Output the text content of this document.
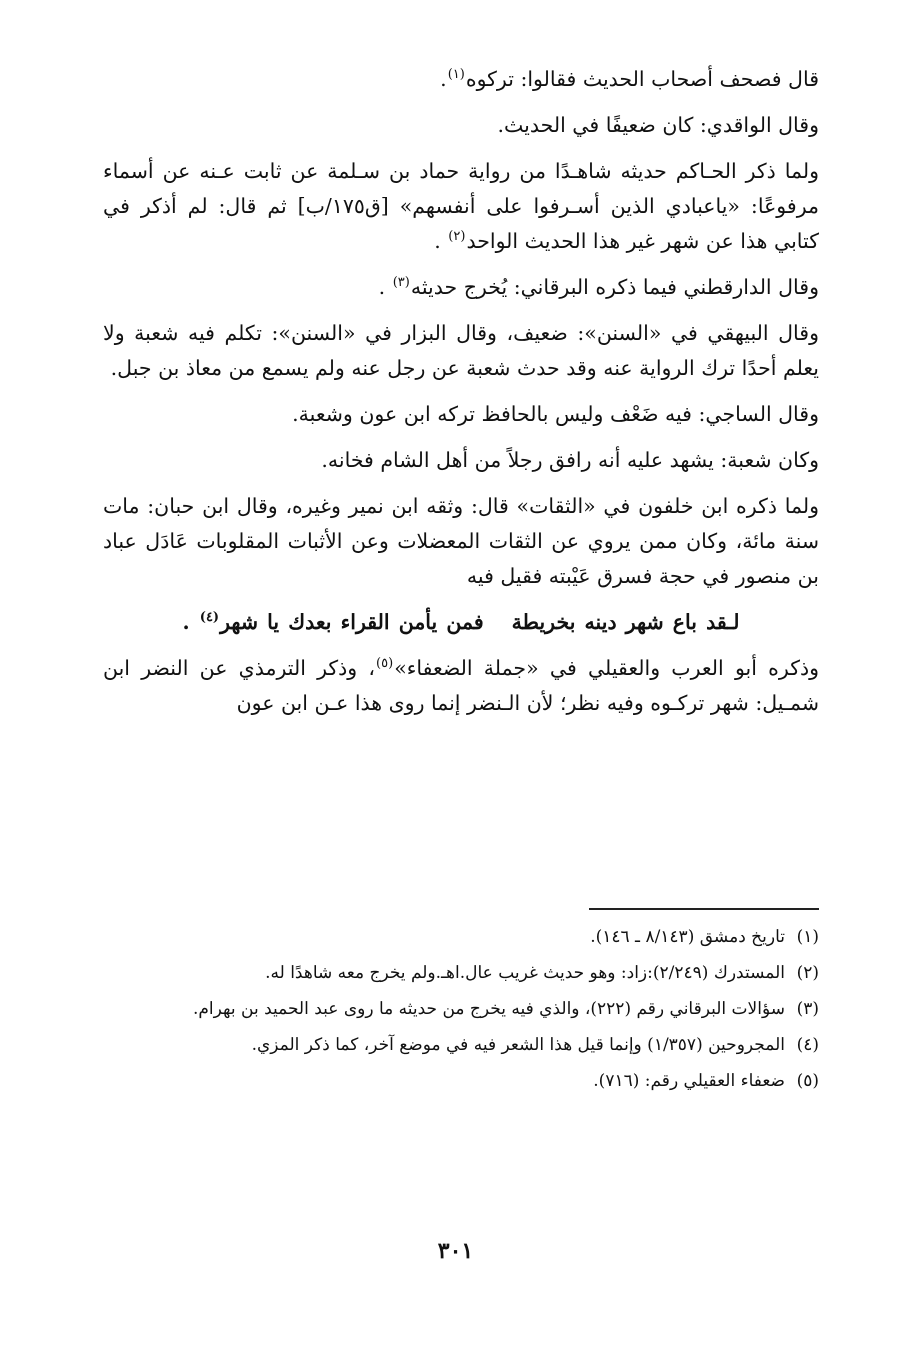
قال فصحف أصحاب الحديث فقالوا: تركوه$^{(١)}$.

وقال الواقدي: كان ضعيفًا في الحديث.

ولما ذكر الحـاكم حديثه شاهـدًا من رواية حماد بن سـلمة عن ثابت عـنه عن أسماء مرفوعًا: «ياعبادي الذين أسـرفوا على أنفسهم» [ق١٧٥/ب] ثم قال: لم أذكر في كتابي هذا عن شهر غير هذا الحديث الواحد$^{(٢)}$ .

وقال الدارقطني فيما ذكره البرقاني: يُخرج حديثه$^{(٣)}$ .

وقال البيهقي في «السنن»: ضعيف، وقال البزار في «السنن»: تكلم فيه شعبة ولا يعلم أحدًا ترك الرواية عنه وقد حدث شعبة عن رجل عنه ولم يسمع من معاذ بن جبل.

وقال الساجي: فيه ضَعْف وليس بالحافظ تركه ابن عون وشعبة.

وكان شعبة: يشهد عليه أنه رافق رجلاً من أهل الشام فخانه.

ولما ذكره ابن خلفون في «الثقات» قال: وثقه ابن نمير وغيره، وقال ابن حبان: مات سنة مائة، وكان ممن يروي عن الثقات المعضلات وعن الأثبات المقلوبات عَادَل عباد بن منصور في حجة فسرق عَيْبته فقيل فيه

لـقد باع شهر دينه بخريطةفمن يأمن القراء بعدك يا شهر$^{(٤)}$ .

وذكره أبو العرب والعقيلي في «جملة الضعفاء»$^{(٥)}$، وذكر الترمذي عن النضر ابن شمـيل: شهر تركـوه وفيه نظر؛ لأن الـنضر إنما روى هذا عـن ابن عون

(١)
تاريخ دمشق (٨/١٤٣ ـ ١٤٦).

(٢)
المستدرك (٢/٢٤٩):زاد: وهو حديث غريب عال.اهـ.ولم يخرج معه شاهدًا له.

(٣)
سؤالات البرقاني رقم (٢٢٢)، والذي فيه يخرج من حديثه ما روى عبد الحميد بن بهرام.

(٤)
المجروحين (١/٣٥٧) وإنما قيل هذا الشعر فيه في موضع آخر، كما ذكر المزي.

(٥)
ضعفاء العقيلي رقم: (٧١٦).

٣٠١
